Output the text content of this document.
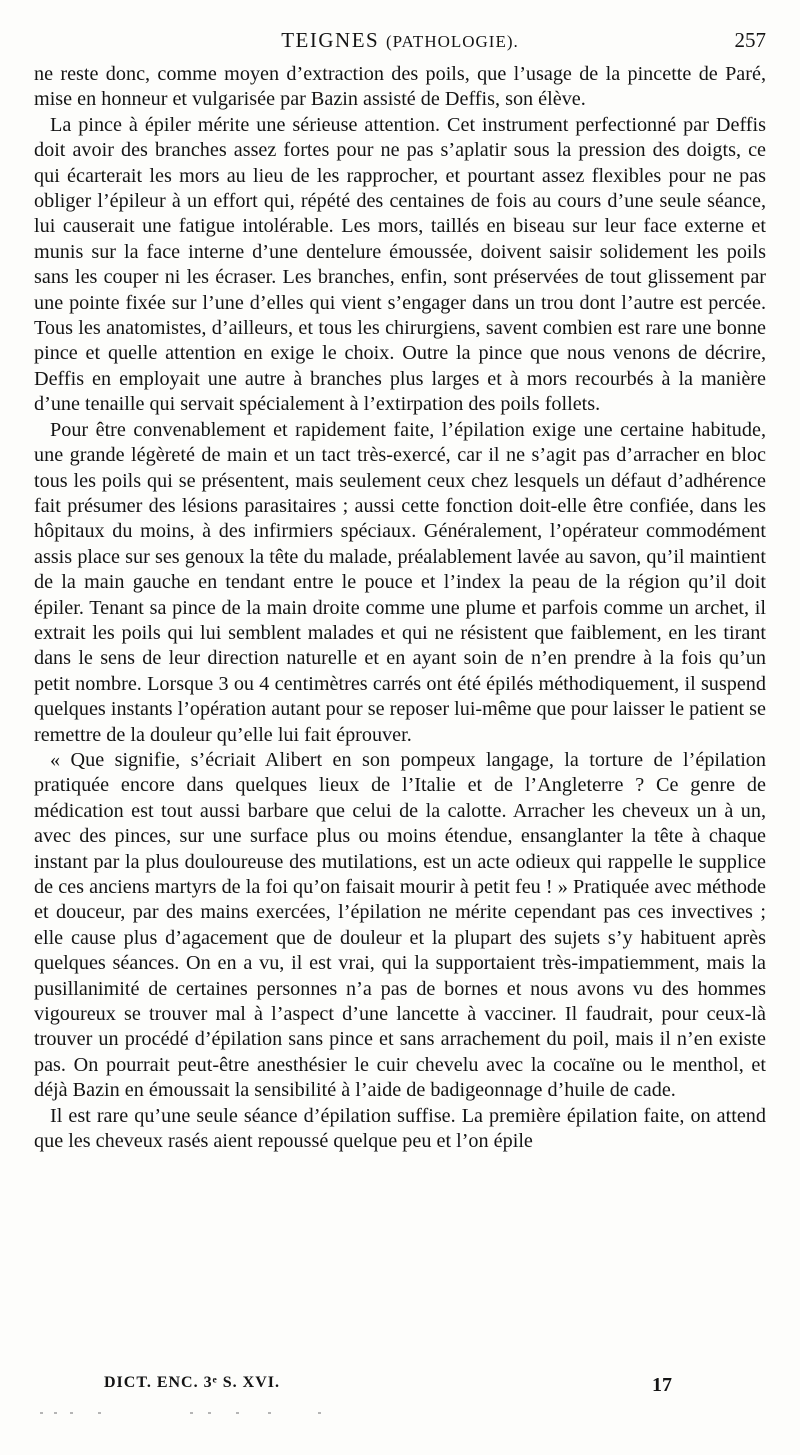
TEIGNES (PATHOLOGIE).	257

ne reste donc, comme moyen d’extraction des poils, que l’usage de la pincette de Paré, mise en honneur et vulgarisée par Bazin assisté de Deffis, son élève.

La pince à épiler mérite une sérieuse attention. Cet instrument perfectionné par Deffis doit avoir des branches assez fortes pour ne pas s’aplatir sous la pression des doigts, ce qui écarterait les mors au lieu de les rapprocher, et pourtant assez flexibles pour ne pas obliger l’épileur à un effort qui, répété des centaines de fois au cours d’une seule séance, lui causerait une fatigue intolérable. Les mors, taillés en biseau sur leur face externe et munis sur la face interne d’une dentelure émoussée, doivent saisir solidement les poils sans les couper ni les écraser. Les branches, enfin, sont préservées de tout glissement par une pointe fixée sur l’une d’elles qui vient s’engager dans un trou dont l’autre est percée. Tous les anatomistes, d’ailleurs, et tous les chirurgiens, savent combien est rare une bonne pince et quelle attention en exige le choix. Outre la pince que nous venons de décrire, Deffis en employait une autre à branches plus larges et à mors recourbés à la manière d’une tenaille qui servait spécialement à l’extirpation des poils follets.

Pour être convenablement et rapidement faite, l’épilation exige une certaine habitude, une grande légèreté de main et un tact très-exercé, car il ne s’agit pas d’arracher en bloc tous les poils qui se présentent, mais seulement ceux chez lesquels un défaut d’adhérence fait présumer des lésions parasitaires ; aussi cette fonction doit-elle être confiée, dans les hôpitaux du moins, à des infirmiers spéciaux. Généralement, l’opérateur commodément assis place sur ses genoux la tête du malade, préalablement lavée au savon, qu’il maintient de la main gauche en tendant entre le pouce et l’index la peau de la région qu’il doit épiler. Tenant sa pince de la main droite comme une plume et parfois comme un archet, il extrait les poils qui lui semblent malades et qui ne résistent que faiblement, en les tirant dans le sens de leur direction naturelle et en ayant soin de n’en prendre à la fois qu’un petit nombre. Lorsque 3 ou 4 centimètres carrés ont été épilés méthodiquement, il suspend quelques instants l’opération autant pour se reposer lui-même que pour laisser le patient se remettre de la douleur qu’elle lui fait éprouver.

« Que signifie, s’écriait Alibert en son pompeux langage, la torture de l’épilation pratiquée encore dans quelques lieux de l’Italie et de l’Angleterre ? Ce genre de médication est tout aussi barbare que celui de la calotte. Arracher les cheveux un à un, avec des pinces, sur une surface plus ou moins étendue, ensanglanter la tête à chaque instant par la plus douloureuse des mutilations, est un acte odieux qui rappelle le supplice de ces anciens martyrs de la foi qu’on faisait mourir à petit feu ! » Pratiquée avec méthode et douceur, par des mains exercées, l’épilation ne mérite cependant pas ces invectives ; elle cause plus d’agacement que de douleur et la plupart des sujets s’y habituent après quelques séances. On en a vu, il est vrai, qui la supportaient très-impatiemment, mais la pusillanimité de certaines personnes n’a pas de bornes et nous avons vu des hommes vigoureux se trouver mal à l’aspect d’une lancette à vacciner. Il faudrait, pour ceux-là trouver un procédé d’épilation sans pince et sans arrachement du poil, mais il n’en existe pas. On pourrait peut-être anesthésier le cuir chevelu avec la cocaïne ou le menthol, et déjà Bazin en émoussait la sensibilité à l’aide de badigeonnage d’huile de cade.

Il est rare qu’une seule séance d’épilation suffise. La première épilation faite, on attend que les cheveux rasés aient repoussé quelque peu et l’on épile

DICT. ENC. 3ᵉ S. XVI.	17
